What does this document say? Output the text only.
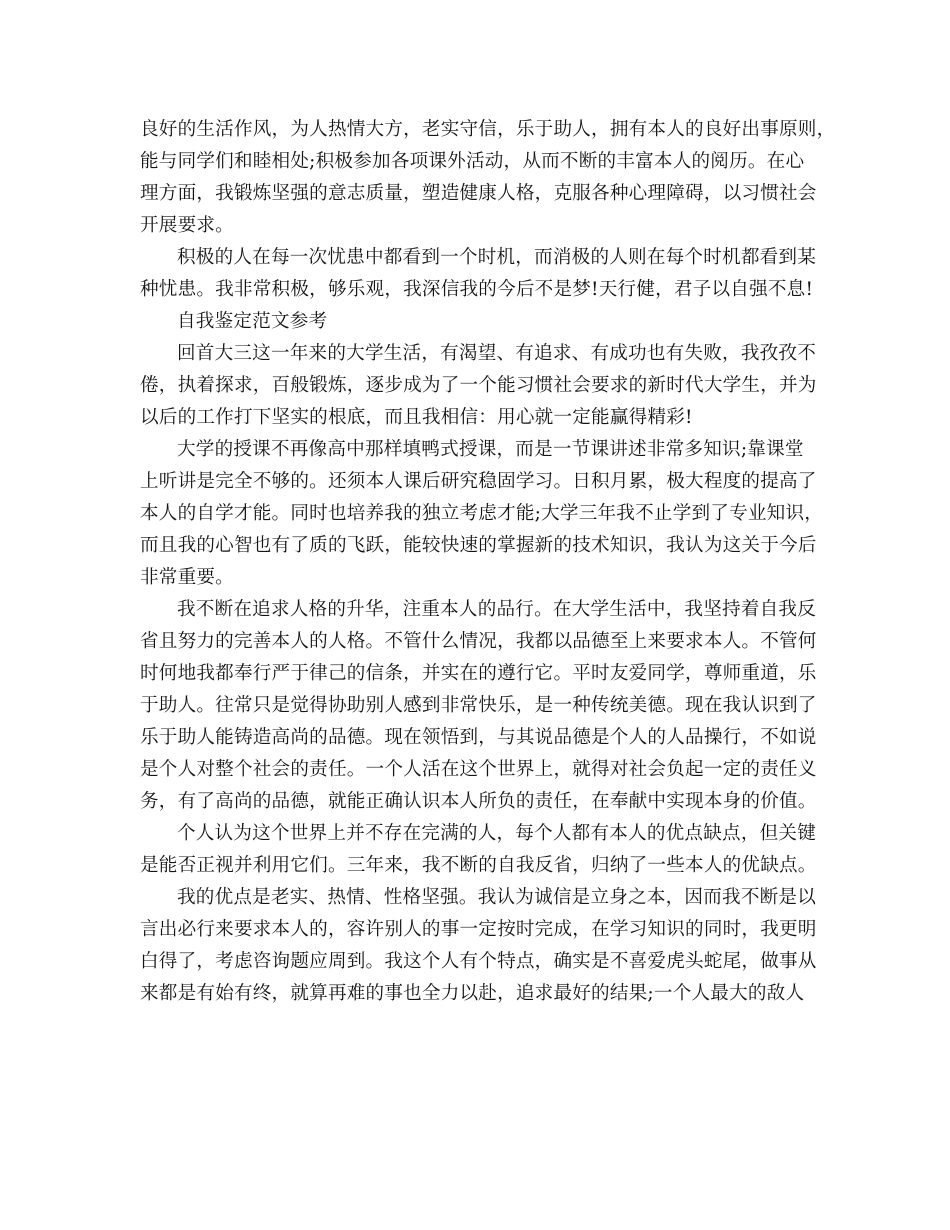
良好的生活作风，为人热情大方，老实守信，乐于助人，拥有本人的良好出事原则，
能与同学们和睦相处;积极参加各项课外活动，从而不断的丰富本人的阅历。在心
理方面，我锻炼坚强的意志质量，塑造健康人格，克服各种心理障碍，以习惯社会
开展要求。
积极的人在每一次忧患中都看到一个时机，而消极的人则在每个时机都看到某
种忧患。我非常积极，够乐观，我深信我的今后不是梦!天行健，君子以自强不息!
自我鉴定范文参考
回首大三这一年来的大学生活，有渴望、有追求、有成功也有失败，我孜孜不
倦，执着探求，百般锻炼，逐步成为了一个能习惯社会要求的新时代大学生，并为
以后的工作打下坚实的根底，而且我相信：用心就一定能赢得精彩!
大学的授课不再像高中那样填鸭式授课，而是一节课讲述非常多知识;靠课堂
上听讲是完全不够的。还须本人课后研究稳固学习。日积月累，极大程度的提高了
本人的自学才能。同时也培养我的独立考虑才能;大学三年我不止学到了专业知识，
而且我的心智也有了质的飞跃，能较快速的掌握新的技术知识，我认为这关于今后
非常重要。
我不断在追求人格的升华，注重本人的品行。在大学生活中，我坚持着自我反
省且努力的完善本人的人格。不管什么情况，我都以品德至上来要求本人。不管何
时何地我都奉行严于律己的信条，并实在的遵行它。平时友爱同学，尊师重道，乐
于助人。往常只是觉得协助别人感到非常快乐，是一种传统美德。现在我认识到了
乐于助人能铸造高尚的品德。现在领悟到，与其说品德是个人的人品操行，不如说
是个人对整个社会的责任。一个人活在这个世界上，就得对社会负起一定的责任义
务，有了高尚的品德，就能正确认识本人所负的责任，在奉献中实现本身的价值。
个人认为这个世界上并不存在完满的人，每个人都有本人的优点缺点，但关键
是能否正视并利用它们。三年来，我不断的自我反省，归纳了一些本人的优缺点。
我的优点是老实、热情、性格坚强。我认为诚信是立身之本，因而我不断是以
言出必行来要求本人的，容许别人的事一定按时完成，在学习知识的同时，我更明
白得了，考虑咨询题应周到。我这个人有个特点，确实是不喜爱虎头蛇尾，做事从
来都是有始有终，就算再难的事也全力以赴，追求最好的结果;一个人最大的敌人
